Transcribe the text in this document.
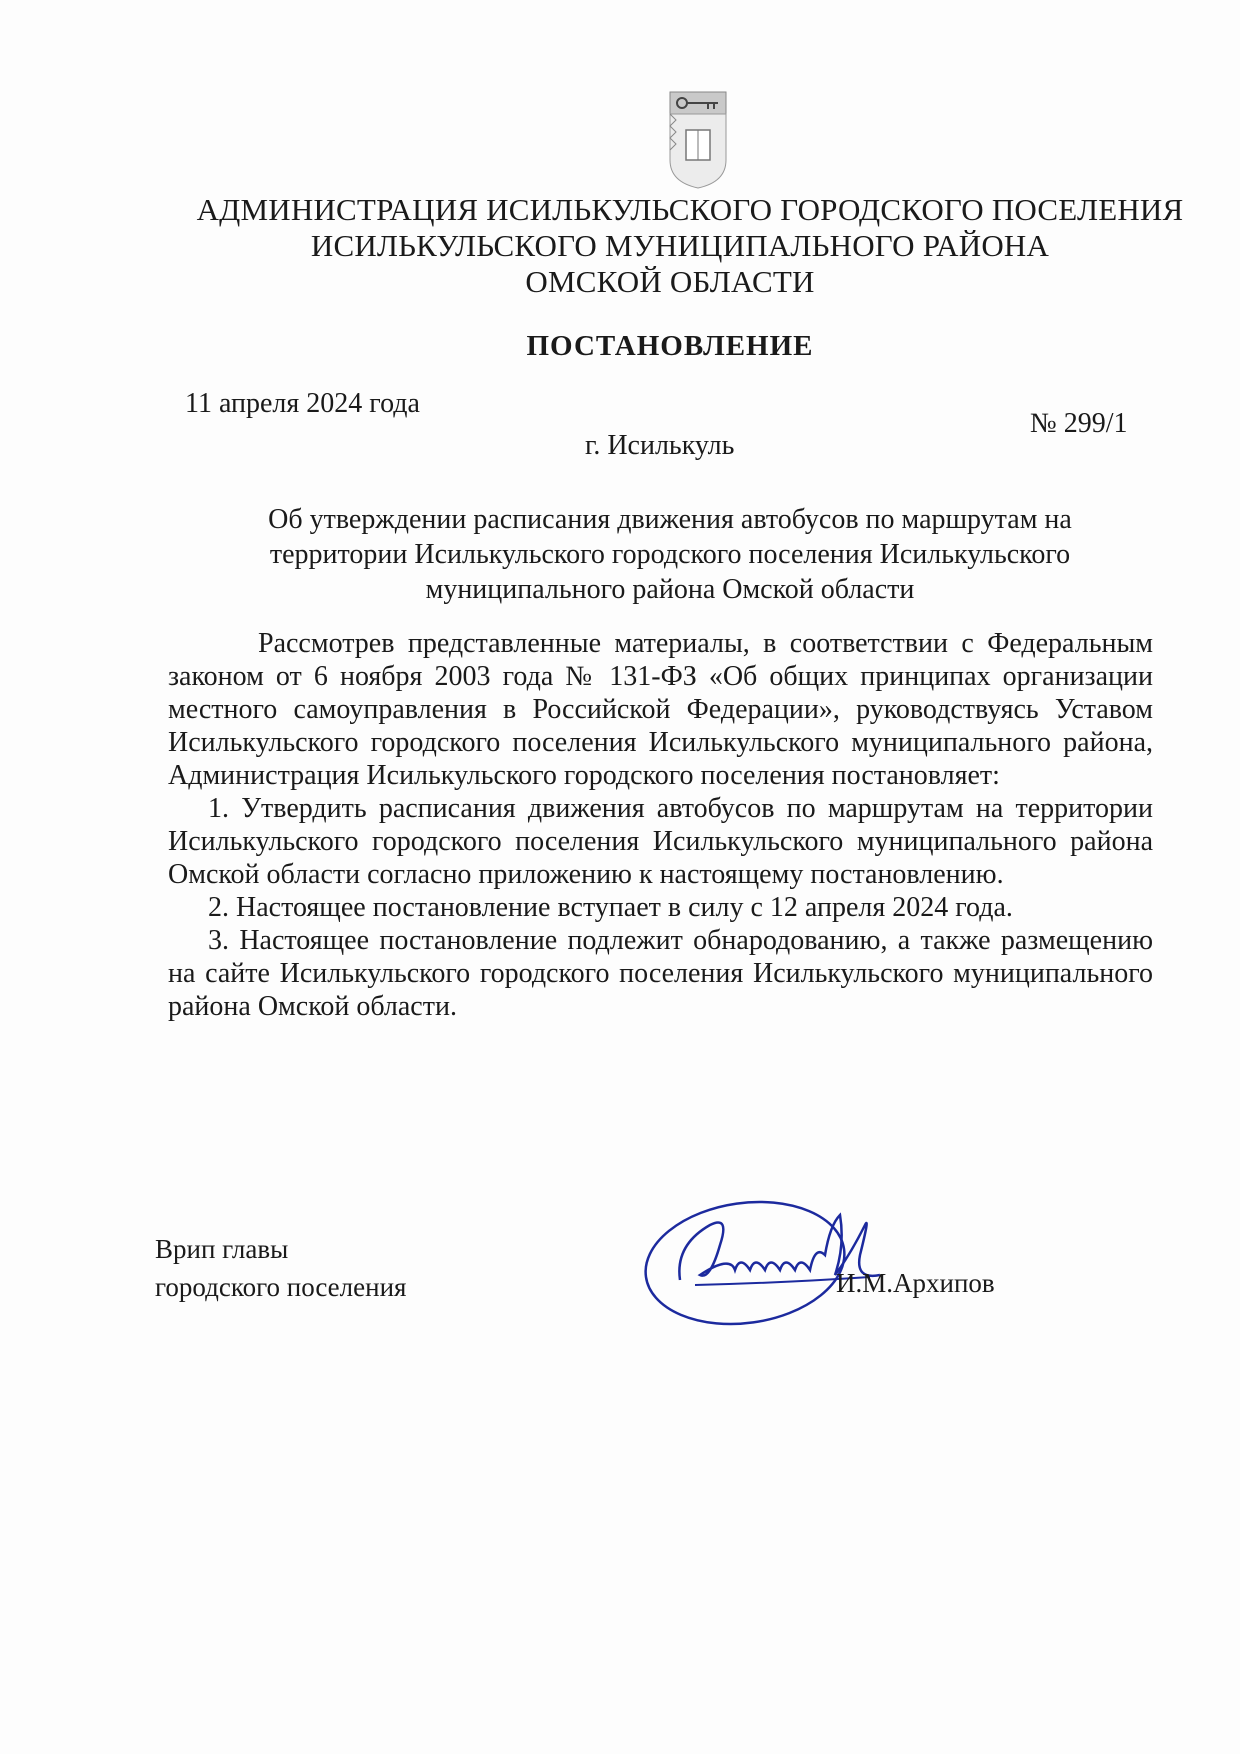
АДМИНИСТРАЦИЯ ИСИЛЬКУЛЬСКОГО ГОРОДСКОГО ПОСЕЛЕНИЯ
ИСИЛЬКУЛЬСКОГО МУНИЦИПАЛЬНОГО РАЙОНА
ОМСКОЙ ОБЛАСТИ
ПОСТАНОВЛЕНИЕ
11 апреля 2024 года
№ 299/1
г. Исилькуль
Об утверждении расписания движения автобусов по маршрутам на территории Исилькульского городского поселения Исилькульского муниципального района Омской области

Рассмотрев представленные материалы, в соответствии с Федеральным законом от 6 ноября 2003 года № 131-ФЗ «Об общих принципах организации местного самоуправления в Российской Федерации», руководствуясь Уставом Исилькульского городского поселения Исилькульского муниципального района, Администрация Исилькульского городского поселения постановляет:

1. Утвердить расписания движения автобусов по маршрутам на территории Исилькульского городского поселения Исилькульского муниципального района Омской области согласно приложению к настоящему постановлению.

2. Настоящее постановление вступает в силу с 12 апреля 2024 года.

3. Настоящее постановление подлежит обнародованию, а также размещению на сайте Исилькульского городского поселения Исилькульского муниципального района Омской области.

Врип главы
городского поселения	И.М.Архипов
